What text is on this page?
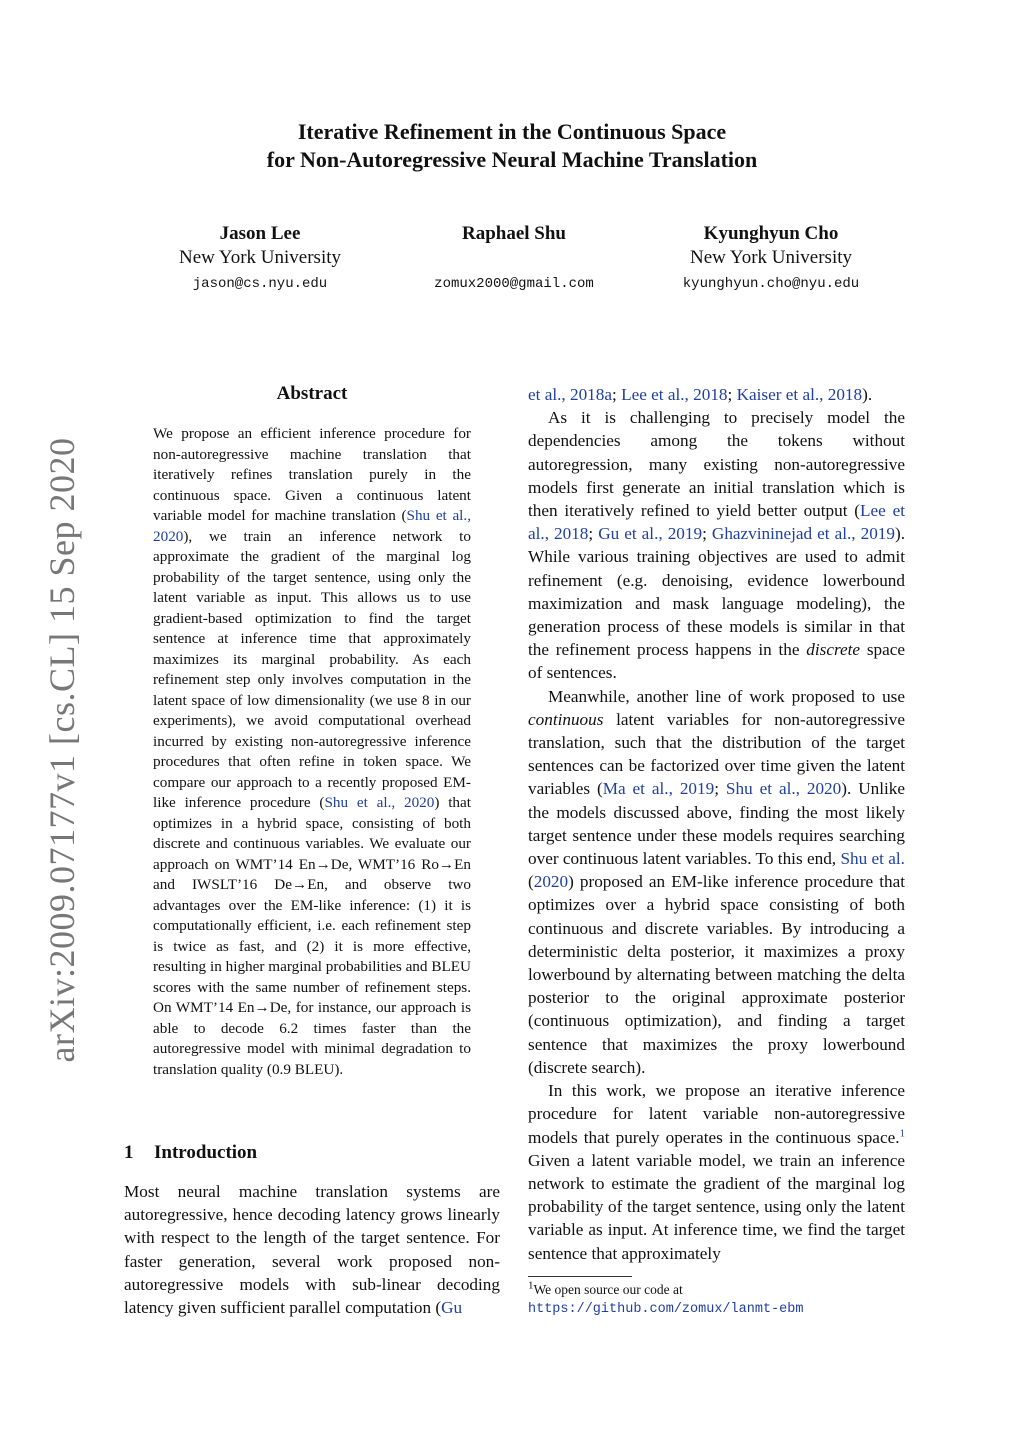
arXiv:2009.07177v1 [cs.CL] 15 Sep 2020
Iterative Refinement in the Continuous Space
for Non-Autoregressive Neural Machine Translation
Jason Lee
New York University
jason@cs.nyu.edu
Raphael Shu
zomux2000@gmail.com
Kyunghyun Cho
New York University
kyunghyun.cho@nyu.edu
Abstract
We propose an efficient inference procedure for non-autoregressive machine translation that iteratively refines translation purely in the continuous space. Given a continuous latent variable model for machine translation (Shu et al., 2020), we train an inference network to approximate the gradient of the marginal log probability of the target sentence, using only the latent variable as input. This allows us to use gradient-based optimization to find the target sentence at inference time that approximately maximizes its marginal probability. As each refinement step only involves computation in the latent space of low dimensionality (we use 8 in our experiments), we avoid computational overhead incurred by existing non-autoregressive inference procedures that often refine in token space. We compare our approach to a recently proposed EM-like inference procedure (Shu et al., 2020) that optimizes in a hybrid space, consisting of both discrete and continuous variables. We evaluate our approach on WMT’14 En→De, WMT’16 Ro→En and IWSLT’16 De→En, and observe two advantages over the EM-like inference: (1) it is computationally efficient, i.e. each refinement step is twice as fast, and (2) it is more effective, resulting in higher marginal probabilities and BLEU scores with the same number of refinement steps. On WMT’14 En→De, for instance, our approach is able to decode 6.2 times faster than the autoregressive model with minimal degradation to translation quality (0.9 BLEU).
1 Introduction
Most neural machine translation systems are autoregressive, hence decoding latency grows linearly with respect to the length of the target sentence. For faster generation, several work proposed non-autoregressive models with sub-linear decoding latency given sufficient parallel computation (Gu

et al., 2018a; Lee et al., 2018; Kaiser et al., 2018).

As it is challenging to precisely model the dependencies among the tokens without autoregression, many existing non-autoregressive models first generate an initial translation which is then iteratively refined to yield better output (Lee et al., 2018; Gu et al., 2019; Ghazvininejad et al., 2019). While various training objectives are used to admit refinement (e.g. denoising, evidence lowerbound maximization and mask language modeling), the generation process of these models is similar in that the refinement process happens in the discrete space of sentences.

Meanwhile, another line of work proposed to use continuous latent variables for non-autoregressive translation, such that the distribution of the target sentences can be factorized over time given the latent variables (Ma et al., 2019; Shu et al., 2020). Unlike the models discussed above, finding the most likely target sentence under these models requires searching over continuous latent variables. To this end, Shu et al. (2020) proposed an EM-like inference procedure that optimizes over a hybrid space consisting of both continuous and discrete variables. By introducing a deterministic delta posterior, it maximizes a proxy lowerbound by alternating between matching the delta posterior to the original approximate posterior (continuous optimization), and finding a target sentence that maximizes the proxy lowerbound (discrete search).

In this work, we propose an iterative inference procedure for latent variable non-autoregressive models that purely operates in the continuous space.$^1$ Given a latent variable model, we train an inference network to estimate the gradient of the marginal log probability of the target sentence, using only the latent variable as input. At inference time, we find the target sentence that approximately

$^1$We open source our code at https://github.com/zomux/lanmt-ebm
